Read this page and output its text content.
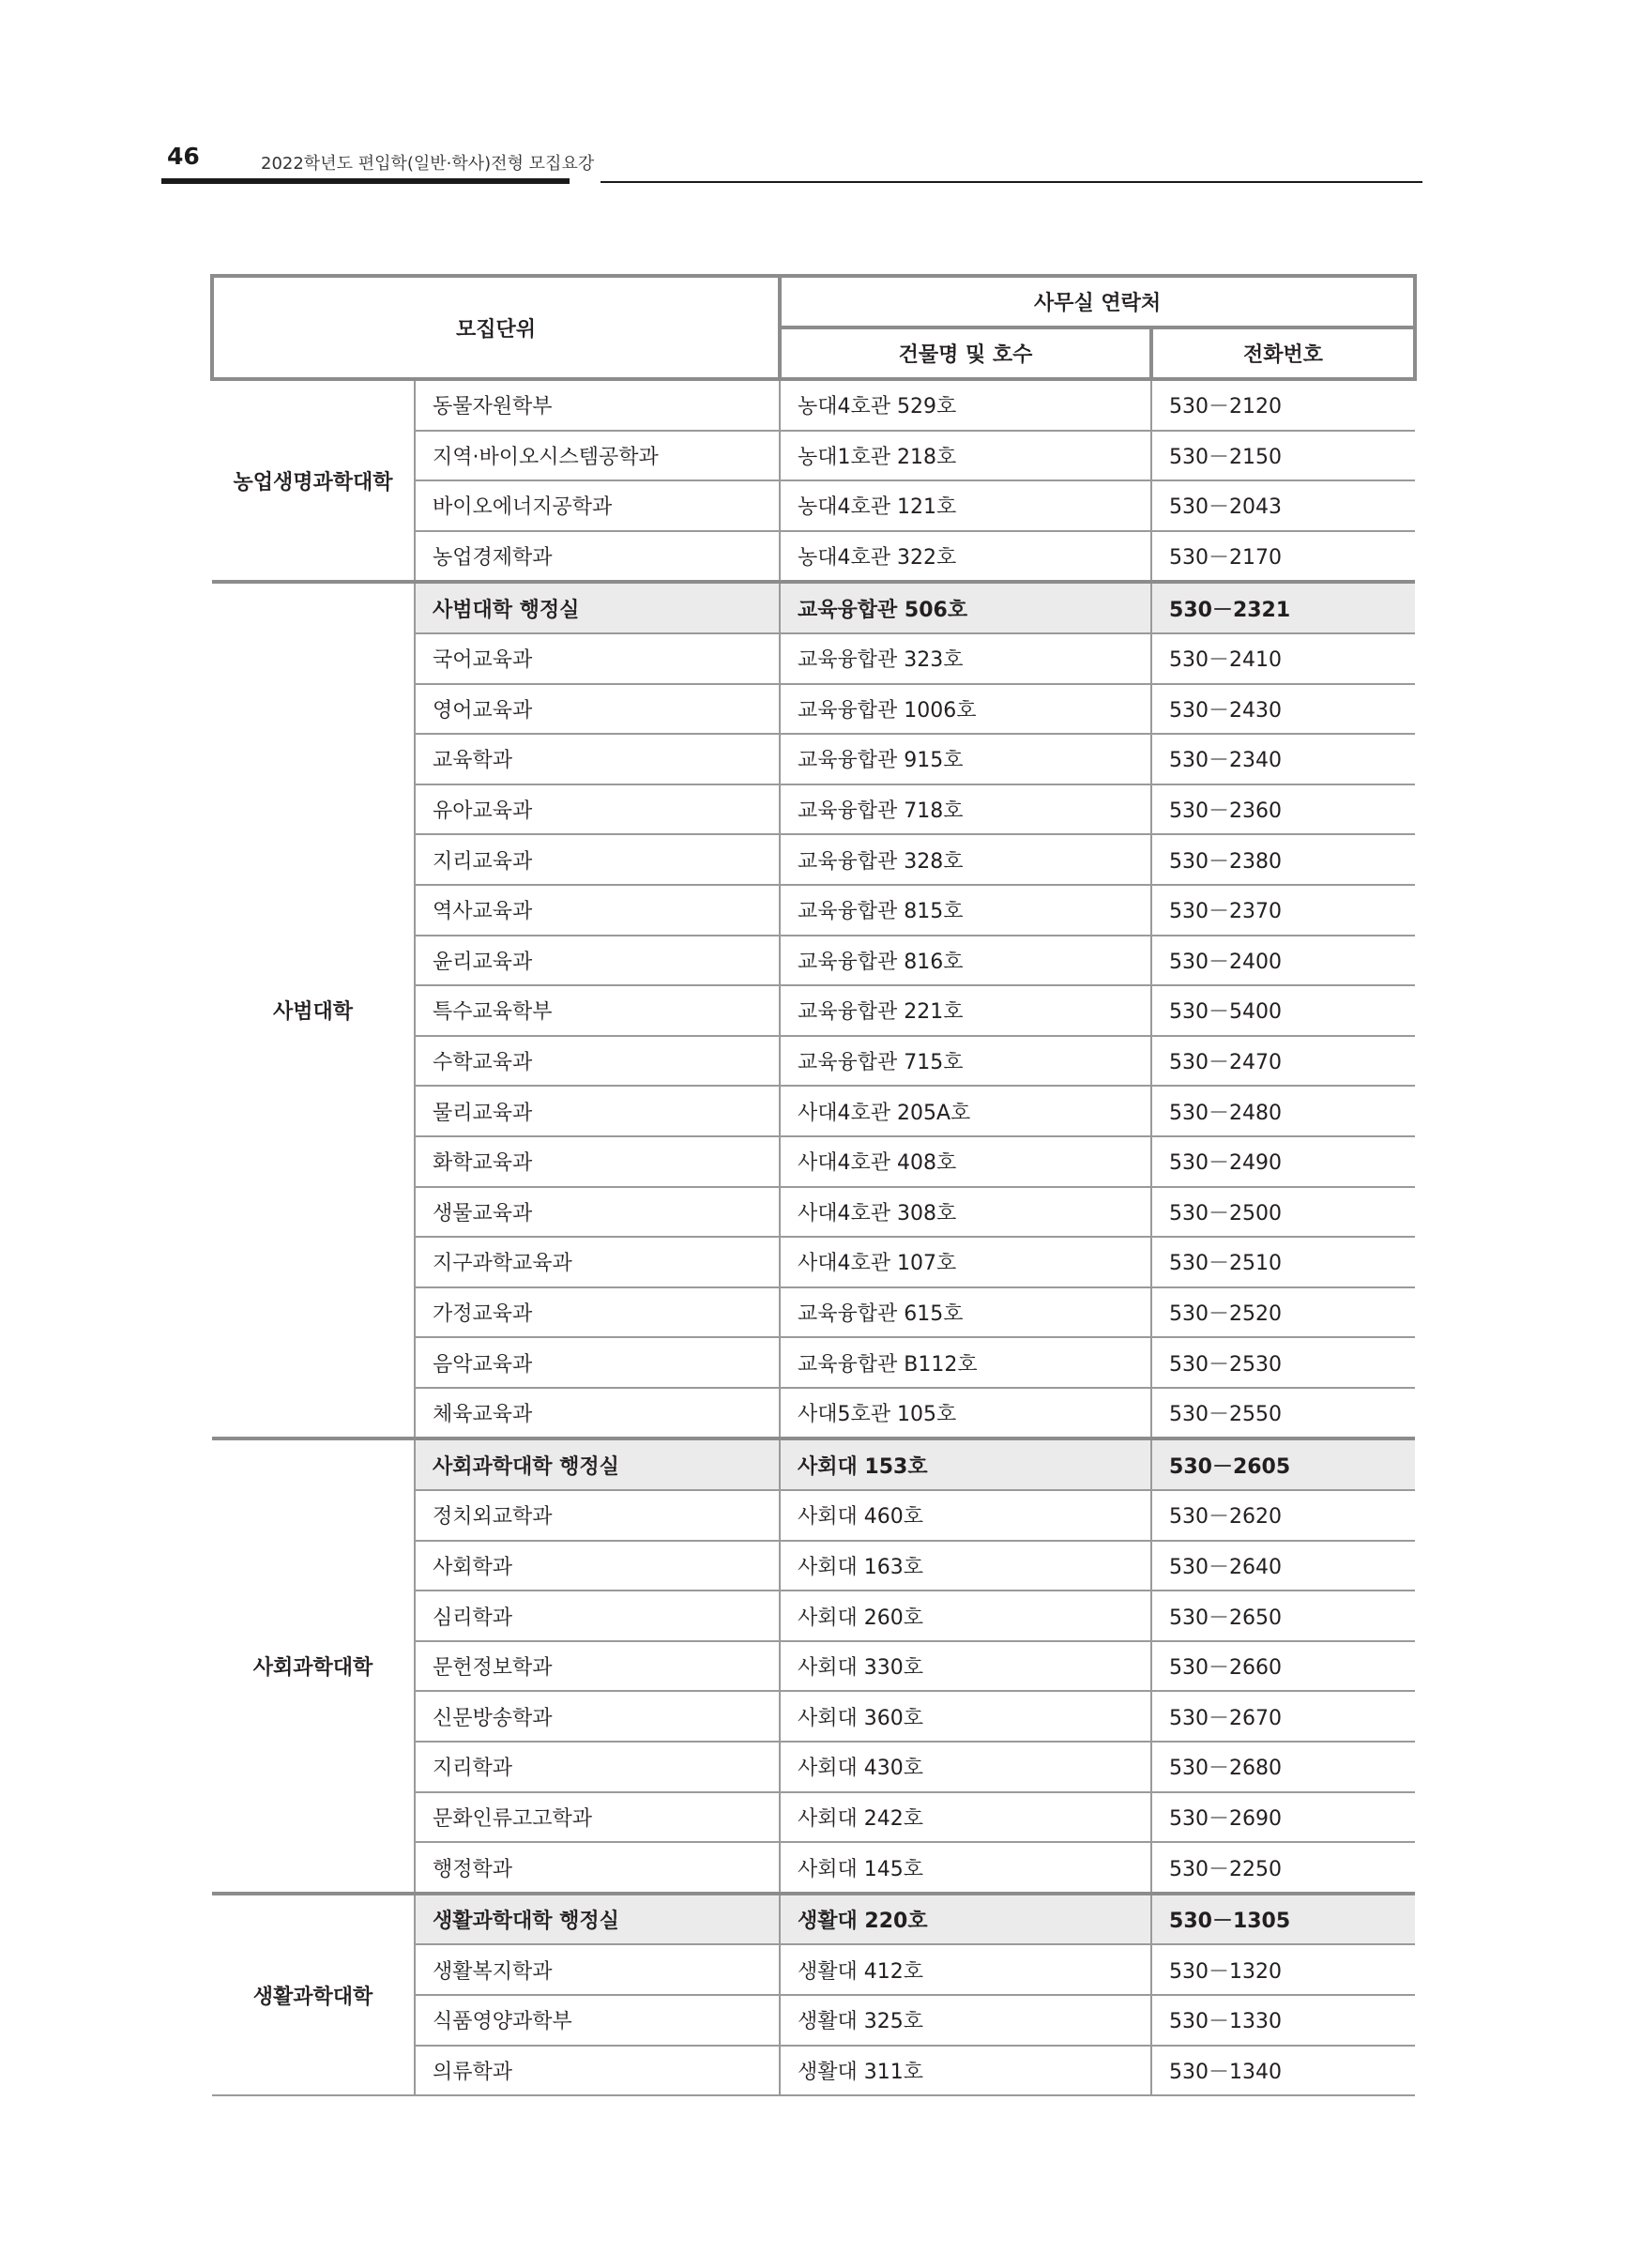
46	2022학년도 편입학(일반·학사)전형 모집요강
모집단위		사무실 연락처	
		건물명 및 호수	전화번호
농업생명과학대학	동물자원학부	농대4호관 529호	530－2120
	지역·바이오시스템공학과	농대1호관 218호	530－2150
	바이오에너지공학과	농대4호관 121호	530－2043
	농업경제학과	농대4호관 322호	530－2170
사범대학	사범대학 행정실	교육융합관 506호	530－2321
	국어교육과	교육융합관 323호	530－2410
	영어교육과	교육융합관 1006호	530－2430
	교육학과	교육융합관 915호	530－2340
	유아교육과	교육융합관 718호	530－2360
	지리교육과	교육융합관 328호	530－2380
	역사교육과	교육융합관 815호	530－2370
	윤리교육과	교육융합관 816호	530－2400
	특수교육학부	교육융합관 221호	530－5400
	수학교육과	교육융합관 715호	530－2470
	물리교육과	사대4호관 205A호	530－2480
	화학교육과	사대4호관 408호	530－2490
	생물교육과	사대4호관 308호	530－2500
	지구과학교육과	사대4호관 107호	530－2510
	가정교육과	교육융합관 615호	530－2520
	음악교육과	교육융합관 B112호	530－2530
	체육교육과	사대5호관 105호	530－2550
사회과학대학	사회과학대학 행정실	사회대 153호	530－2605
	정치외교학과	사회대 460호	530－2620
	사회학과	사회대 163호	530－2640
	심리학과	사회대 260호	530－2650
	문헌정보학과	사회대 330호	530－2660
	신문방송학과	사회대 360호	530－2670
	지리학과	사회대 430호	530－2680
	문화인류고고학과	사회대 242호	530－2690
	행정학과	사회대 145호	530－2250
생활과학대학	생활과학대학 행정실	생활대 220호	530－1305
	생활복지학과	생활대 412호	530－1320
	식품영양과학부	생활대 325호	530－1330
	의류학과	생활대 311호	530－1340
